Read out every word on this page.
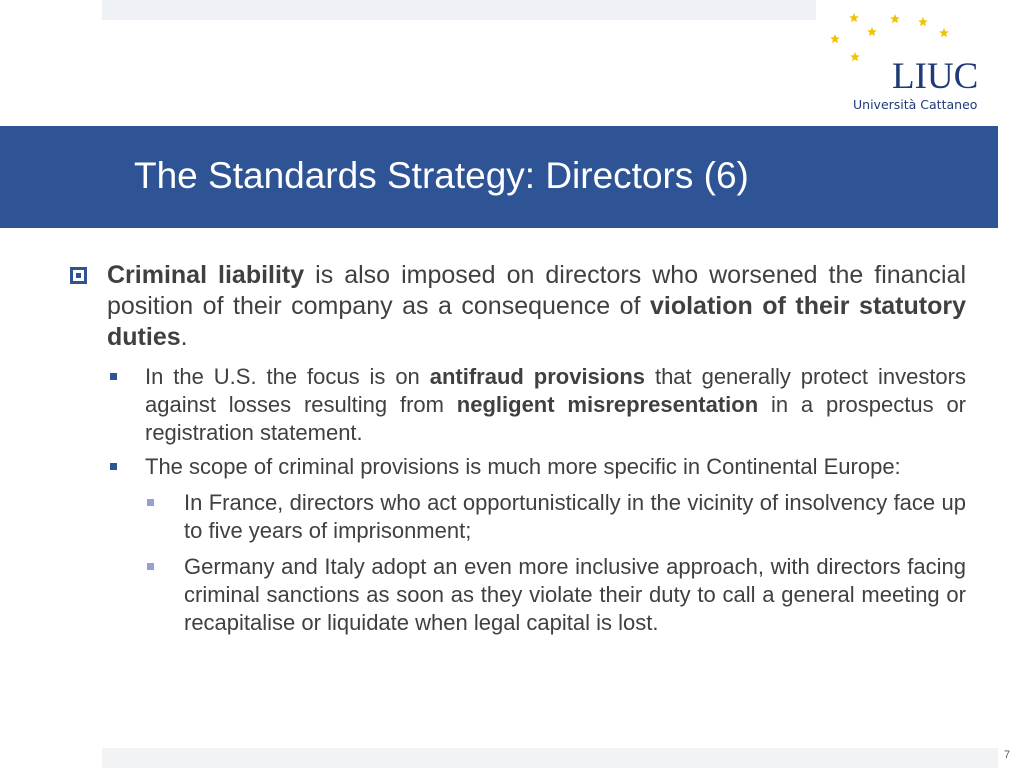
LIUC
Università Cattaneo
The Standards Strategy: Directors (6)
Criminal liability is also imposed on directors who worsened the financial position of their company as a consequence of violation of their statutory duties.
In the U.S. the focus is on antifraud provisions that generally protect investors against losses resulting from negligent misrepresentation in a prospectus or registration statement.
The scope of criminal provisions is much more specific in Continental Europe:
In France, directors who act opportunistically in the vicinity of insolvency face up to five years of imprisonment;
Germany and Italy adopt an even more inclusive approach, with directors facing criminal sanctions as soon as they violate their duty to call a general meeting or recapitalise or liquidate when legal capital is lost.
7
